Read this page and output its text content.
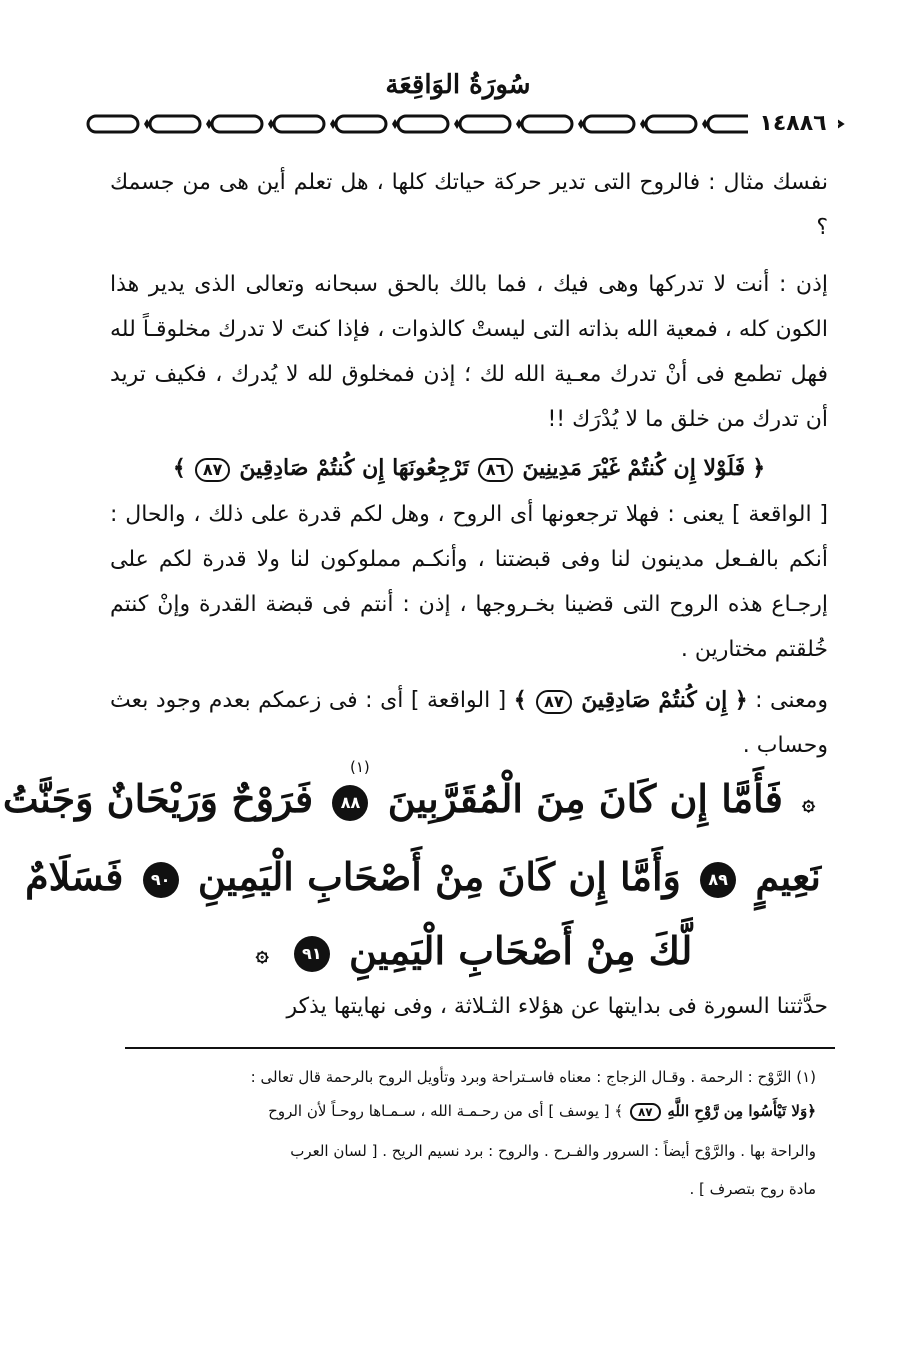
سُورَةُ الوَاقِعَة
١٤٨٨٦
نفسك مثال : فالروح التى تدير حركة حياتك كلها ، هل تعلم أين هى من جسمك ؟
إذن : أنت لا تدركها وهى فيك ، فما بالك بالحق سبحانه وتعالى الذى يدير هذا الكون كله ، فمعية الله بذاته التى ليستْ كالذوات ، فإذا كنتَ لا تدرك مخلوقـاً لله فهل تطمع فى أنْ تدرك معـية الله لك ؛ إذن فمخلوق لله لا يُدرك ، فكيف تريد أن تدرك من خلق ما لا يُدْرَك !!
﴿ فَلَوْلا إِن كُنتُمْ غَيْرَ مَدِينِينَ ٨٦ تَرْجِعُونَهَا إِن كُنتُمْ صَادِقِينَ ٨٧ ﴾
[ الواقعة ] يعنى : فهلا ترجعونها أى الروح ، وهل لكم قدرة على ذلك ، والحال : أنكم بالفـعل مدينون لنا وفى قبضتنا ، وأنكـم مملوكون لنا ولا قدرة لكم على إرجـاع هذه الروح التى قضينا بخـروجها ، إذن : أنتم فى قبضة القدرة وإنْ كنتم خُلقتم مختارين .
ومعنى : ﴿ إِن كُنتُمْ صَادِقِينَ ٨٧ ﴾ [ الواقعة ] أى : فى زعمكم بعدم وجود بعث وحساب .
(١)
۞ فَأَمَّا إِن كَانَ مِنَ الْمُقَرَّبِينَ ٨٨ فَرَوْحٌ وَرَيْحَانٌ وَجَنَّتُ
نَعِيمٍ ٨٩ وَأَمَّا إِن كَانَ مِنْ أَصْحَابِ الْيَمِينِ ٩٠ فَسَلَامٌ
لَّكَ مِنْ أَصْحَابِ الْيَمِينِ ٩١ ۞
حدَّثتنا السورة فى بدايتها عن هؤلاء الثـلاثة ، وفى نهايتها يذكر
(١) الرَّوْح : الرحمة . وقـال الزجاج : معناه فاسـتراحة وبرد وتأويل الروح بالرحمة قال تعالى :
﴿وَلا تَيْأَسُوا مِن رَّوْحِ اللَّهِ ٨٧ ﴾ [ يوسف ] أى من رحـمـة الله ، سـمـاها روحـاً لأن الروح
والراحة بها . والرَّوْح أيضاً : السرور والفـرح . والروح : برد نسيم الريح . [ لسان العرب
مادة روح بتصرف ] .
